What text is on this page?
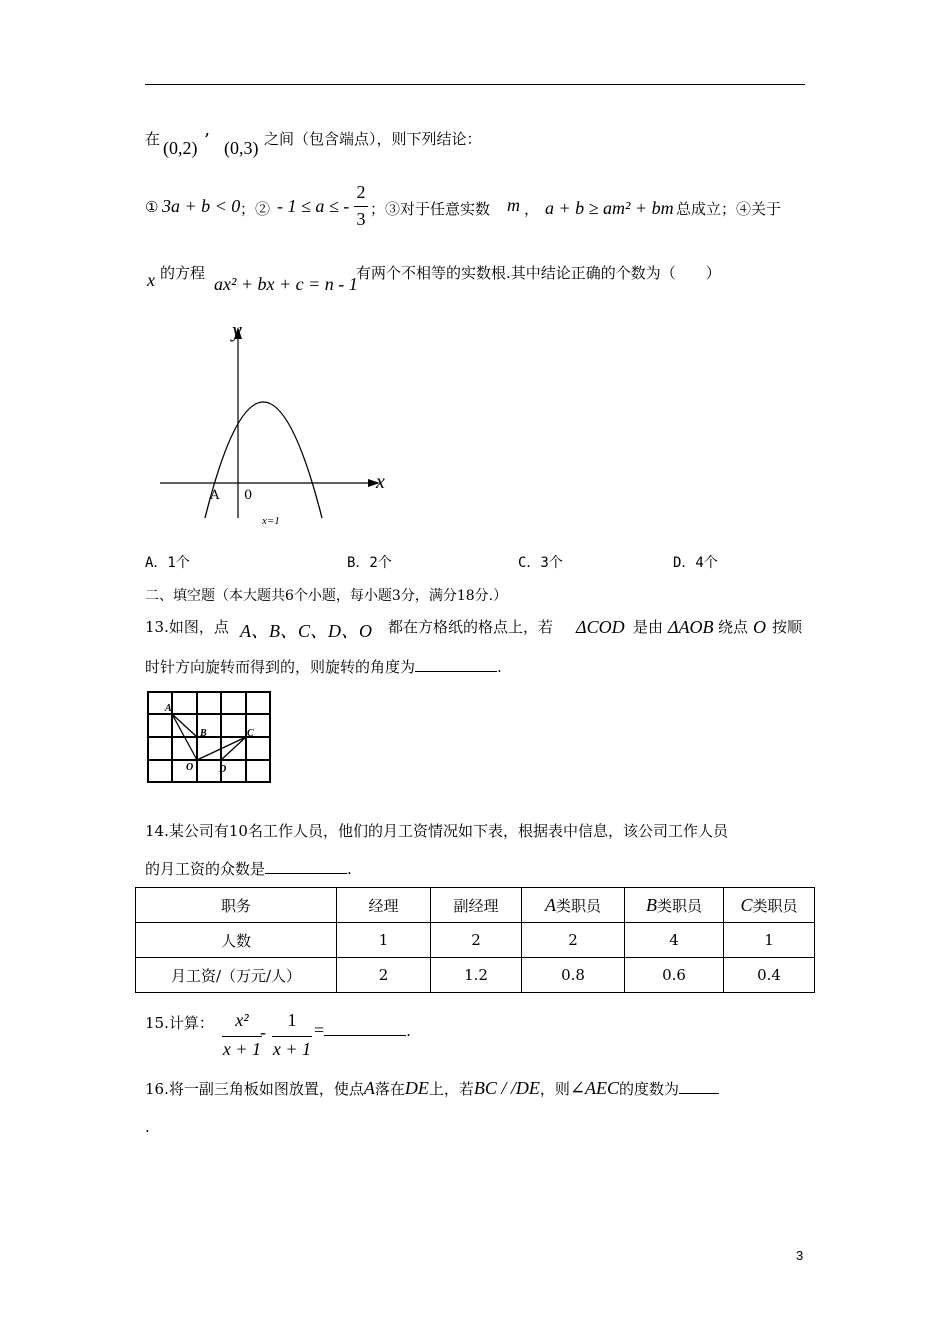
在 (0,2) ’ (0,3) 之间（包含端点），则下列结论：
① 3a + b < 0 ；② - 1 ≤ a ≤ -
2
3 ；③对于任意实数 m ， a + b ≥ am² + bm 总成立；④关于
x 的方程
ax² + bx + c = n - 1
有两个不相等的实数根.其中结论正确的个数为（　　）
y
x
A 0
x=1
A．1个	B．2个	C．3个	D．4个
二、填空题（本大题共6个小题，每小题3分，满分18分.）
13.如图，点 A、B、C、D、O 都在方格纸的格点上，若 ΔCOD 是由 ΔAOB 绕点 O 按顺
时针方向旋转而得到的，则旋转的角度为	.
A
B	C
O	D
14.某公司有10名工作人员，他们的月工资情况如下表，根据表中信息，该公司工作人员
的月工资的众数是	.
职务	经理	副经理	A类职员	B类职员	C类职员
人数	1	2	2	4	1
月工资/（万元/人）	2	1.2	0.8	0.6	0.4
15.计算：	x²
x + 1
-
1
x + 1
=	.
16.将一副三角板如图放置，使点A落在DE上，若BC / /DE，则∠AEC的度数为
.
3
